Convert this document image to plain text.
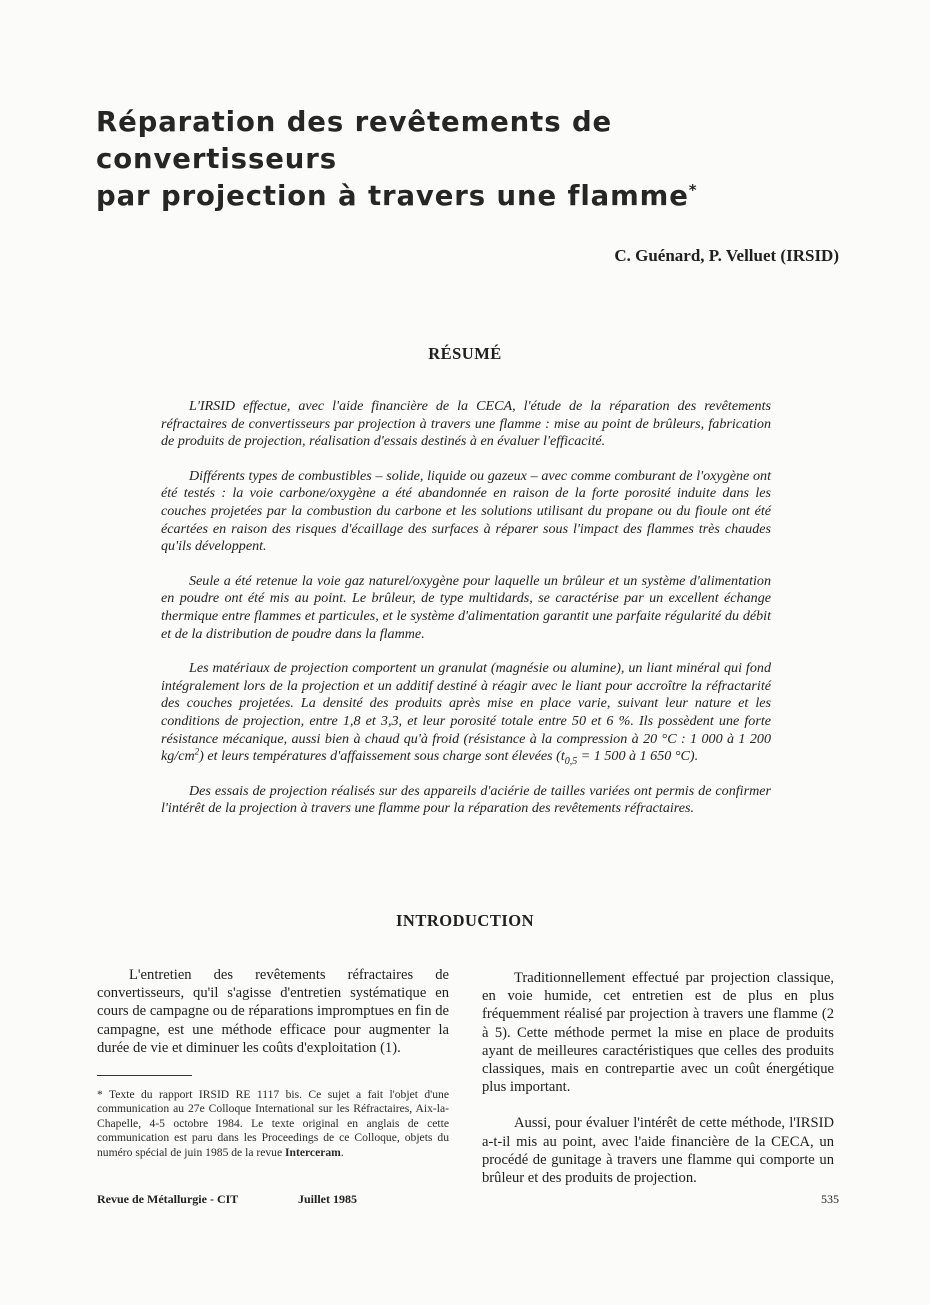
Réparation des revêtements de convertisseurs
par projection à travers une flamme*

C. Guénard, P. Velluet (IRSID)

RÉSUMÉ

L'IRSID effectue, avec l'aide financière de la CECA, l'étude de la réparation des revêtements réfractaires de convertisseurs par projection à travers une flamme : mise au point de brûleurs, fabrication de produits de projection, réalisation d'essais destinés à en évaluer l'efficacité.

Différents types de combustibles – solide, liquide ou gazeux – avec comme comburant de l'oxygène ont été testés : la voie carbone/oxygène a été abandonnée en raison de la forte porosité induite dans les couches projetées par la combustion du carbone et les solutions utilisant du propane ou du fioule ont été écartées en raison des risques d'écaillage des surfaces à réparer sous l'impact des flammes très chaudes qu'ils développent.

Seule a été retenue la voie gaz naturel/oxygène pour laquelle un brûleur et un système d'alimentation en poudre ont été mis au point. Le brûleur, de type multidards, se caractérise par un excellent échange thermique entre flammes et particules, et le système d'alimentation garantit une parfaite régularité du débit et de la distribution de poudre dans la flamme.

Les matériaux de projection comportent un granulat (magnésie ou alumine), un liant minéral qui fond intégralement lors de la projection et un additif destiné à réagir avec le liant pour accroître la réfractarité des couches projetées. La densité des produits après mise en place varie, suivant leur nature et les conditions de projection, entre 1,8 et 3,3, et leur porosité totale entre 50 et 6 %. Ils possèdent une forte résistance mécanique, aussi bien à chaud qu'à froid (résistance à la compression à 20 °C : 1 000 à 1 200 $kg/cm^2$) et leurs températures d'affaissement sous charge sont élevées ($t_{0,5} = 1$ 500 à 1 650 °C).

Des essais de projection réalisés sur des appareils d'aciérie de tailles variées ont permis de confirmer l'intérêt de la projection à travers une flamme pour la réparation des revêtements réfractaires.

INTRODUCTION

L'entretien des revêtements réfractaires de convertisseurs, qu'il s'agisse d'entretien systématique en cours de campagne ou de réparations impromptues en fin de campagne, est une méthode efficace pour augmenter la durée de vie et diminuer les coûts d'exploitation (1).

Traditionnellement effectué par projection classique, en voie humide, cet entretien est de plus en plus fréquemment réalisé par projection à travers une flamme (2 à 5). Cette méthode permet la mise en place de produits ayant de meilleures caractéristiques que celles des produits classiques, mais en contrepartie avec un coût énergétique plus important.

Aussi, pour évaluer l'intérêt de cette méthode, l'IRSID a-t-il mis au point, avec l'aide financière de la CECA, un procédé de gunitage à travers une flamme qui comporte un brûleur et des produits de projection.

* Texte du rapport IRSID RE 1117 bis. Ce sujet a fait l'objet d'une communication au 27e Colloque International sur les Réfractaires, Aix-la-Chapelle, 4-5 octobre 1984. Le texte original en anglais de cette communication est paru dans les Proceedings de ce Colloque, objets du numéro spécial de juin 1985 de la revue Interceram.

Revue de Métallurgie - CIT	Juillet 1985	535
